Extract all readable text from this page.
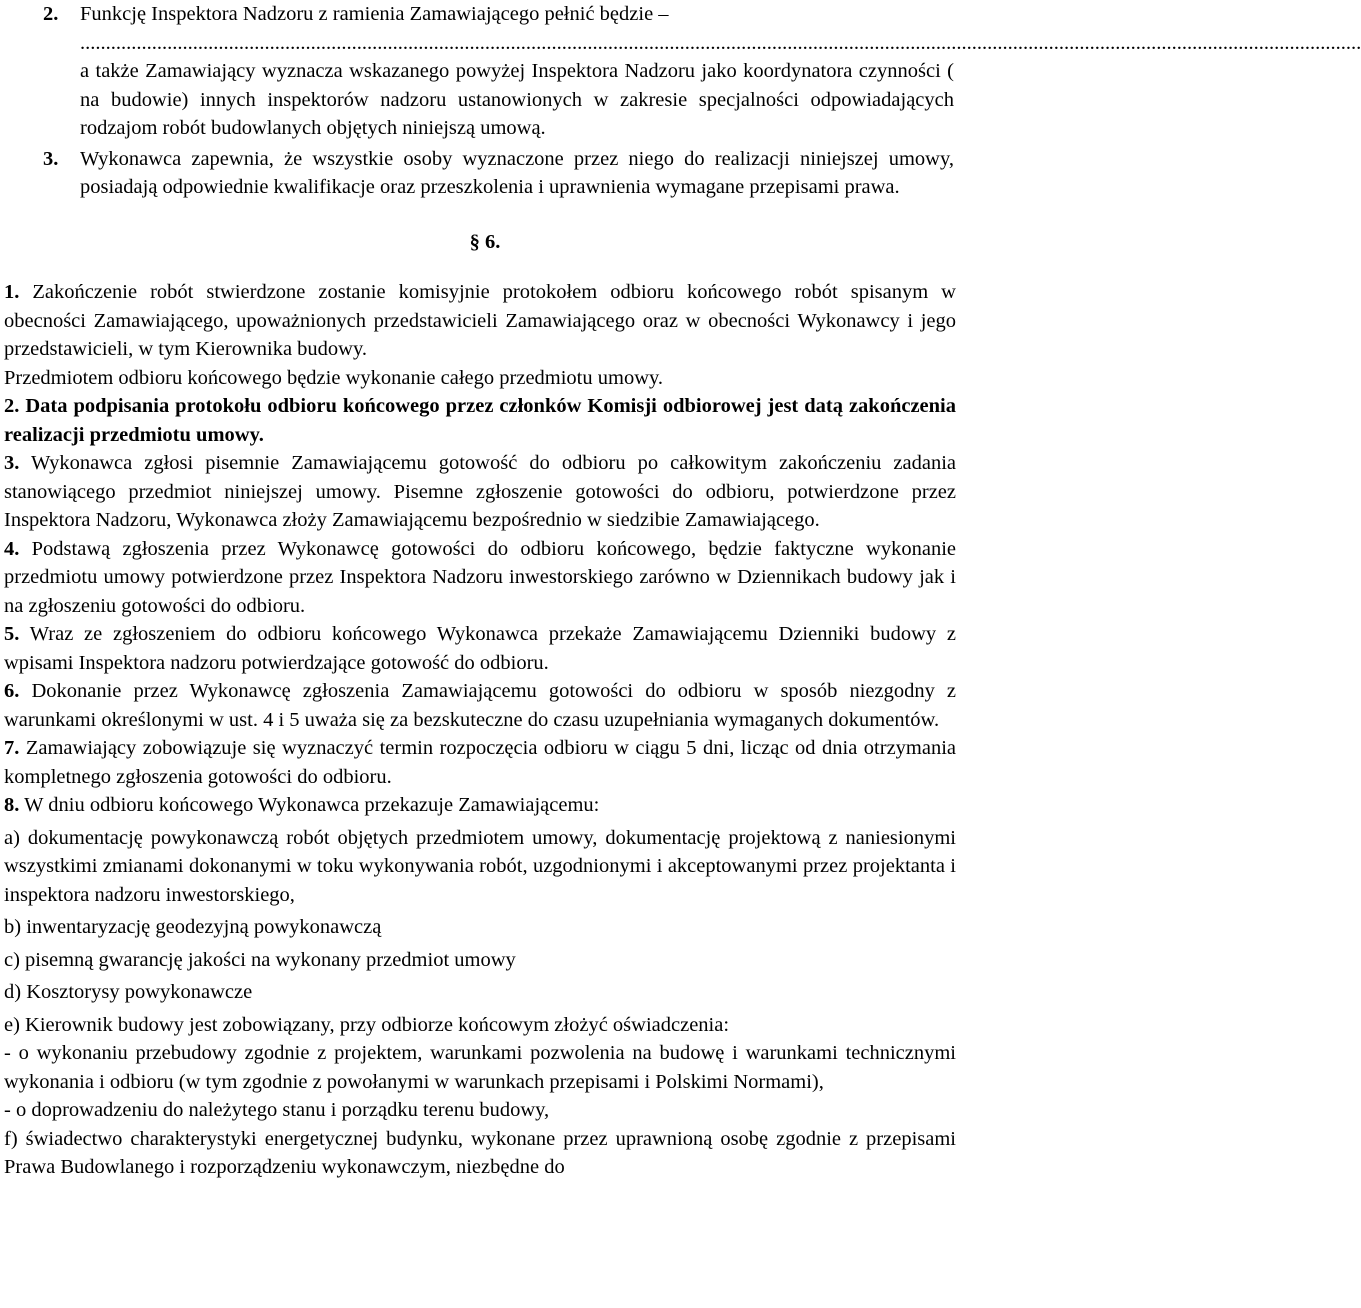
2. Funkcję Inspektora Nadzoru z ramienia Zamawiającego pełnić będzie –
..........................................................................................................................................................................................................................................................
a także Zamawiający wyznacza wskazanego powyżej Inspektora Nadzoru jako koordynatora czynności ( na budowie) innych inspektorów nadzoru ustanowionych w zakresie specjalności odpowiadających rodzajom robót budowlanych objętych niniejszą umową.
3. Wykonawca zapewnia, że wszystkie osoby wyznaczone przez niego do realizacji niniejszej umowy, posiadają odpowiednie kwalifikacje oraz przeszkolenia i uprawnienia wymagane przepisami prawa.
§ 6.

1. Zakończenie robót stwierdzone zostanie komisyjnie protokołem odbioru końcowego robót spisanym w obecności Zamawiającego, upoważnionych przedstawicieli Zamawiającego oraz w obecności Wykonawcy i jego przedstawicieli, w tym Kierownika budowy.

Przedmiotem odbioru końcowego będzie wykonanie całego przedmiotu umowy.

2. Data podpisania protokołu odbioru końcowego przez członków Komisji odbiorowej jest datą zakończenia realizacji przedmiotu umowy.

3. Wykonawca zgłosi pisemnie Zamawiającemu gotowość do odbioru po całkowitym zakończeniu zadania stanowiącego przedmiot niniejszej umowy. Pisemne zgłoszenie gotowości do odbioru, potwierdzone przez Inspektora Nadzoru, Wykonawca złoży Zamawiającemu bezpośrednio w siedzibie Zamawiającego.

4. Podstawą zgłoszenia przez Wykonawcę gotowości do odbioru końcowego, będzie faktyczne wykonanie przedmiotu umowy potwierdzone przez Inspektora Nadzoru inwestorskiego zarówno w Dziennikach budowy jak i na zgłoszeniu gotowości do odbioru.

5. Wraz ze zgłoszeniem do odbioru końcowego Wykonawca przekaże Zamawiającemu Dzienniki budowy z wpisami Inspektora nadzoru potwierdzające gotowość do odbioru.

6. Dokonanie przez Wykonawcę zgłoszenia Zamawiającemu gotowości do odbioru w sposób niezgodny z warunkami określonymi w ust. 4 i 5 uważa się za bezskuteczne do czasu uzupełniania wymaganych dokumentów.

7. Zamawiający zobowiązuje się wyznaczyć termin rozpoczęcia odbioru w ciągu 5 dni, licząc od dnia otrzymania kompletnego zgłoszenia gotowości do odbioru.

8. W dniu odbioru końcowego Wykonawca przekazuje Zamawiającemu:

a) dokumentację powykonawczą robót objętych przedmiotem umowy, dokumentację projektową z naniesionymi wszystkimi zmianami dokonanymi w toku wykonywania robót, uzgodnionymi i akceptowanymi przez projektanta i inspektora nadzoru inwestorskiego,

b) inwentaryzację geodezyjną powykonawczą

c) pisemną gwarancję jakości na wykonany przedmiot umowy

d) Kosztorysy powykonawcze

e) Kierownik budowy jest zobowiązany, przy odbiorze końcowym złożyć oświadczenia:

- o wykonaniu przebudowy zgodnie z projektem, warunkami pozwolenia na budowę i warunkami technicznymi wykonania i odbioru (w tym zgodnie z powołanymi w warunkach przepisami i Polskimi Normami),

- o doprowadzeniu do należytego stanu i porządku terenu budowy,

f) świadectwo charakterystyki energetycznej budynku, wykonane przez uprawnioną osobę zgodnie z przepisami Prawa Budowlanego i rozporządzeniu wykonawczym, niezbędne do
